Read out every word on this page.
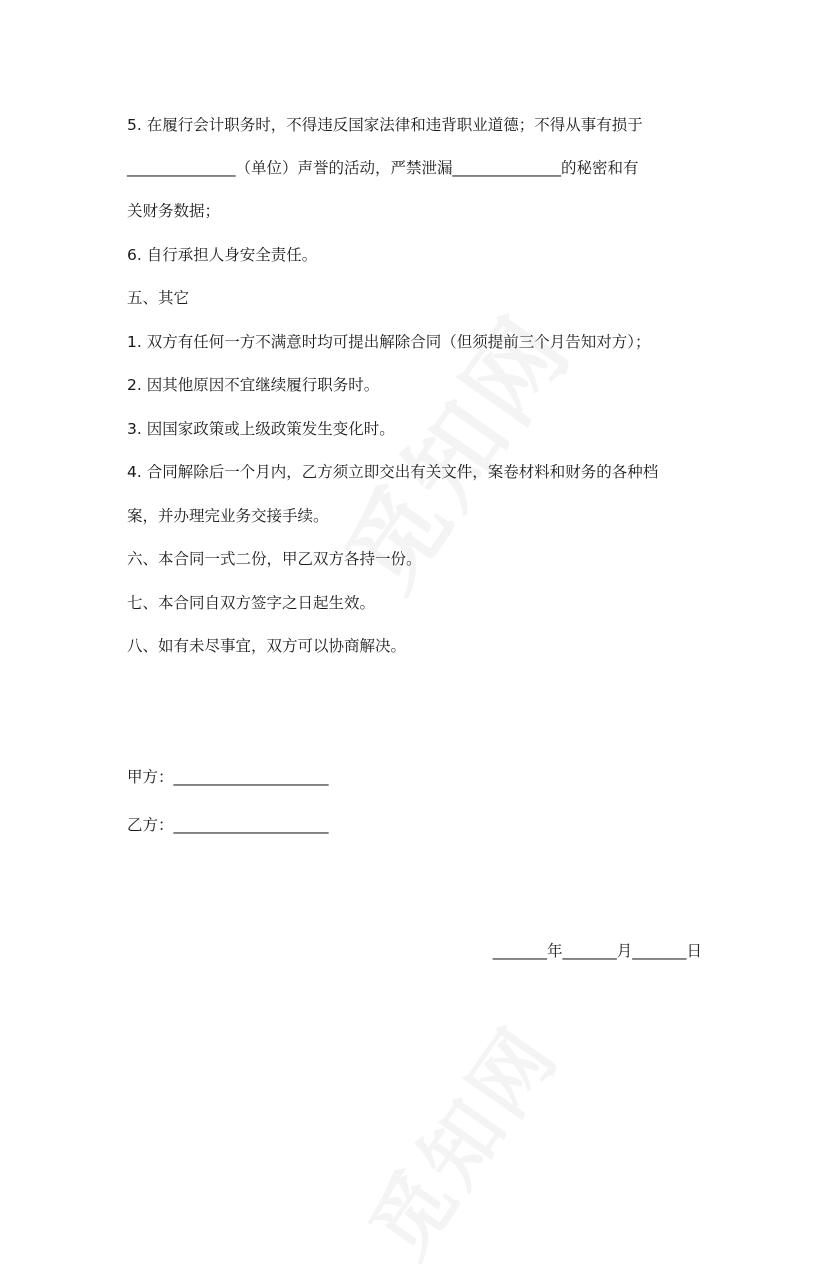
5. 在履行会计职务时，不得违反国家法律和违背职业道德；不得从事有损于
______________（单位）声誉的活动，严禁泄漏______________的秘密和有
关财务数据；
6. 自行承担人身安全责任。
五、其它
1. 双方有任何一方不满意时均可提出解除合同（但须提前三个月告知对方）；
2. 因其他原因不宜继续履行职务时。
3. 因国家政策或上级政策发生变化时。
4. 合同解除后一个月内，乙方须立即交出有关文件，案卷材料和财务的各种档
案，并办理完业务交接手续。
六、本合同一式二份，甲乙双方各持一份。
七、本合同自双方签字之日起生效。
八、如有未尽事宜，双方可以协商解决。
甲方：____________________
乙方：____________________
_______年_______月_______日
